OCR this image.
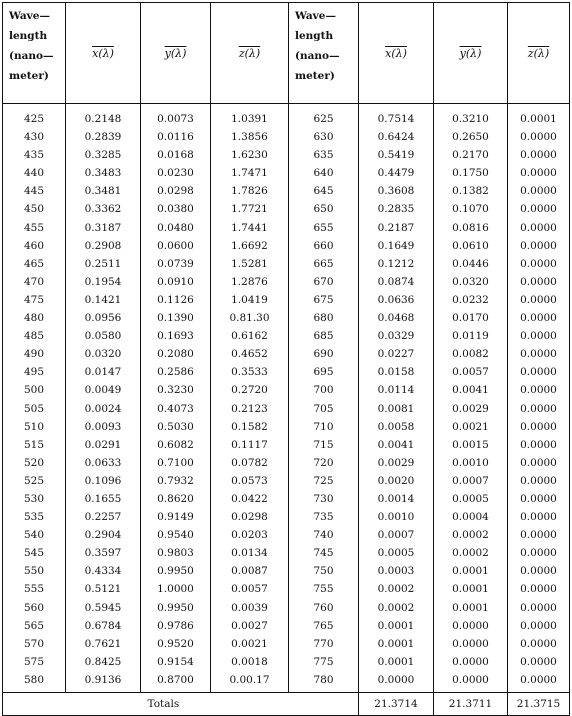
Wave—
length
(nano—
meter)	x(λ)	y(λ)	z(λ)	Wave—
length
(nano—
meter)	x(λ)	y(λ)	z(λ)
425	0.2148	0.0073	1.0391	625	0.7514	0.3210	0.0001
430	0.2839	0.0116	1.3856	630	0.6424	0.2650	0.0000
435	0.3285	0.0168	1.6230	635	0.5419	0.2170	0.0000
440	0.3483	0.0230	1.7471	640	0.4479	0.1750	0.0000
445	0.3481	0.0298	1.7826	645	0.3608	0.1382	0.0000
450	0.3362	0.0380	1.7721	650	0.2835	0.1070	0.0000
455	0.3187	0.0480	1.7441	655	0.2187	0.0816	0.0000
460	0.2908	0.0600	1.6692	660	0.1649	0.0610	0.0000
465	0.2511	0.0739	1.5281	665	0.1212	0.0446	0.0000
470	0.1954	0.0910	1.2876	670	0.0874	0.0320	0.0000
475	0.1421	0.1126	1.0419	675	0.0636	0.0232	0.0000
480	0.0956	0.1390	0.81.30	680	0.0468	0.0170	0.0000
485	0.0580	0.1693	0.6162	685	0.0329	0.0119	0.0000
490	0.0320	0.2080	0.4652	690	0.0227	0.0082	0.0000
495	0.0147	0.2586	0.3533	695	0.0158	0.0057	0.0000
500	0.0049	0.3230	0.2720	700	0.0114	0.0041	0.0000
505	0.0024	0.4073	0.2123	705	0.0081	0.0029	0.0000
510	0.0093	0.5030	0.1582	710	0.0058	0.0021	0.0000
515	0.0291	0.6082	0.1117	715	0.0041	0.0015	0.0000
520	0.0633	0.7100	0.0782	720	0.0029	0.0010	0.0000
525	0.1096	0.7932	0.0573	725	0.0020	0.0007	0.0000
530	0.1655	0.8620	0.0422	730	0.0014	0.0005	0.0000
535	0.2257	0.9149	0.0298	735	0.0010	0.0004	0.0000
540	0.2904	0.9540	0.0203	740	0.0007	0.0002	0.0000
545	0.3597	0.9803	0.0134	745	0.0005	0.0002	0.0000
550	0.4334	0.9950	0.0087	750	0.0003	0.0001	0.0000
555	0.5121	1.0000	0.0057	755	0.0002	0.0001	0.0000
560	0.5945	0.9950	0.0039	760	0.0002	0.0001	0.0000
565	0.6784	0.9786	0.0027	765	0.0001	0.0000	0.0000
570	0.7621	0.9520	0.0021	770	0.0001	0.0000	0.0000
575	0.8425	0.9154	0.0018	775	0.0001	0.0000	0.0000
580	0.9136	0.8700	0.00.17	780	0.0000	0.0000	0.0000
	Totals				21.3714	21.3711	21.3715
